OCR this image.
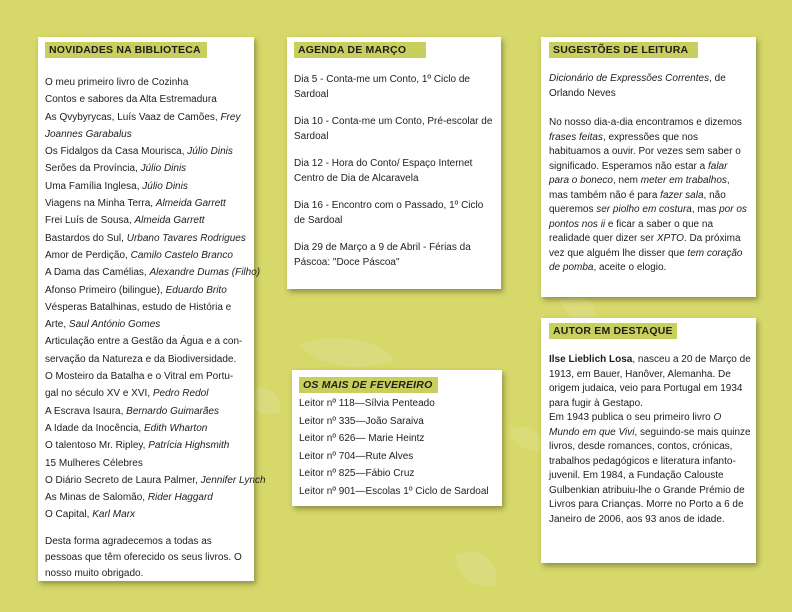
NOVIDADES NA BIBLIOTECA
O meu primeiro livro de Cozinha
Contos e sabores da Alta Estremadura
As Qvybyrycas, Luís Vaaz de Camões, Frey
Joannes Garabalus
Os Fidalgos da Casa Mourisca, Júlio Dinis
Serões da Província, Júlio Dinis
Uma Família Inglesa, Júlio Dinis
Viagens na Minha Terra, Almeida Garrett
Frei Luís de Sousa, Almeida Garrett
Bastardos do Sul, Urbano Tavares Rodrigues
Amor de Perdição, Camilo Castelo Branco
A Dama das Camélias, Alexandre Dumas (Filho)
Afonso Primeiro (bilingue), Eduardo Brito
Vésperas Batalhinas, estudo de História e
Arte, Saul António Gomes
Articulação entre a Gestão da Água e a con-
servação da Natureza e da Biodiversidade.
O Mosteiro da Batalha e o Vitral em Portu-
gal no século XV e XVI, Pedro Redol
A Escrava Isaura, Bernardo Guimarães
A Idade da Inocência, Edith Wharton
O talentoso Mr. Ripley, Patrícia Highsmith
15 Mulheres Célebres
O Diário Secreto de Laura Palmer, Jennifer Lynch
As Minas de Salomão, Rider Haggard
O Capital, Karl Marx
Desta forma agradecemos a todas as pessoas que têm oferecido os seus livros. O nosso muito obrigado.
AGENDA DE MARÇO
Dia 5 - Conta-me um Conto, 1º Ciclo de Sardoal
Dia 10 - Conta-me um Conto, Pré-escolar de Sardoal
Dia 12 - Hora do Conto/ Espaço Internet Centro de Dia de Alcaravela
Dia 16 - Encontro com o Passado, 1º Ciclo de Sardoal
Dia 29 de Março a 9 de Abril - Férias da Páscoa: "Doce Páscoa"
OS MAIS DE FEVEREIRO
Leitor nº 118—Sílvia Penteado
Leitor nº 335—João Saraiva
Leitor nº 626— Marie Heintz
Leitor nº 704—Rute Alves
Leitor nº 825—Fábio Cruz
Leitor nº 901—Escolas 1º Ciclo de Sardoal
SUGESTÕES DE LEITURA
Dicionário de Expressões Correntes, de Orlando Neves
No nosso dia-a-dia encontramos e dizemos frases feitas, expressões que nos habituamos a ouvir. Por vezes sem saber o significado. Esperamos não estar a falar para o boneco, nem meter em trabalhos, mas também não é para fazer sala, não queremos ser piolho em costura, mas por os pontos nos ii e ficar a saber o que na realidade quer dizer ser XPTO. Da próxima vez que alguém lhe disser que tem coração de pomba, aceite o elogio.
AUTOR EM DESTAQUE
Ilse Lieblich Losa, nasceu a 20 de Março de 1913, em Bauer, Hanôver, Alemanha. De origem judaica, veio para Portugal em 1934 para fugir à Gestapo.
Em 1943 publica o seu primeiro livro O Mundo em que Vivi, seguindo-se mais quinze livros, desde romances, contos, crónicas, trabalhos pedagógicos e literatura infanto-juvenil. Em 1984, a Fundação Calouste Gulbenkian atribuiu-lhe o Grande Prémio de Livros para Crianças. Morre no Porto a 6 de Janeiro de 2006, aos 93 anos de idade.
